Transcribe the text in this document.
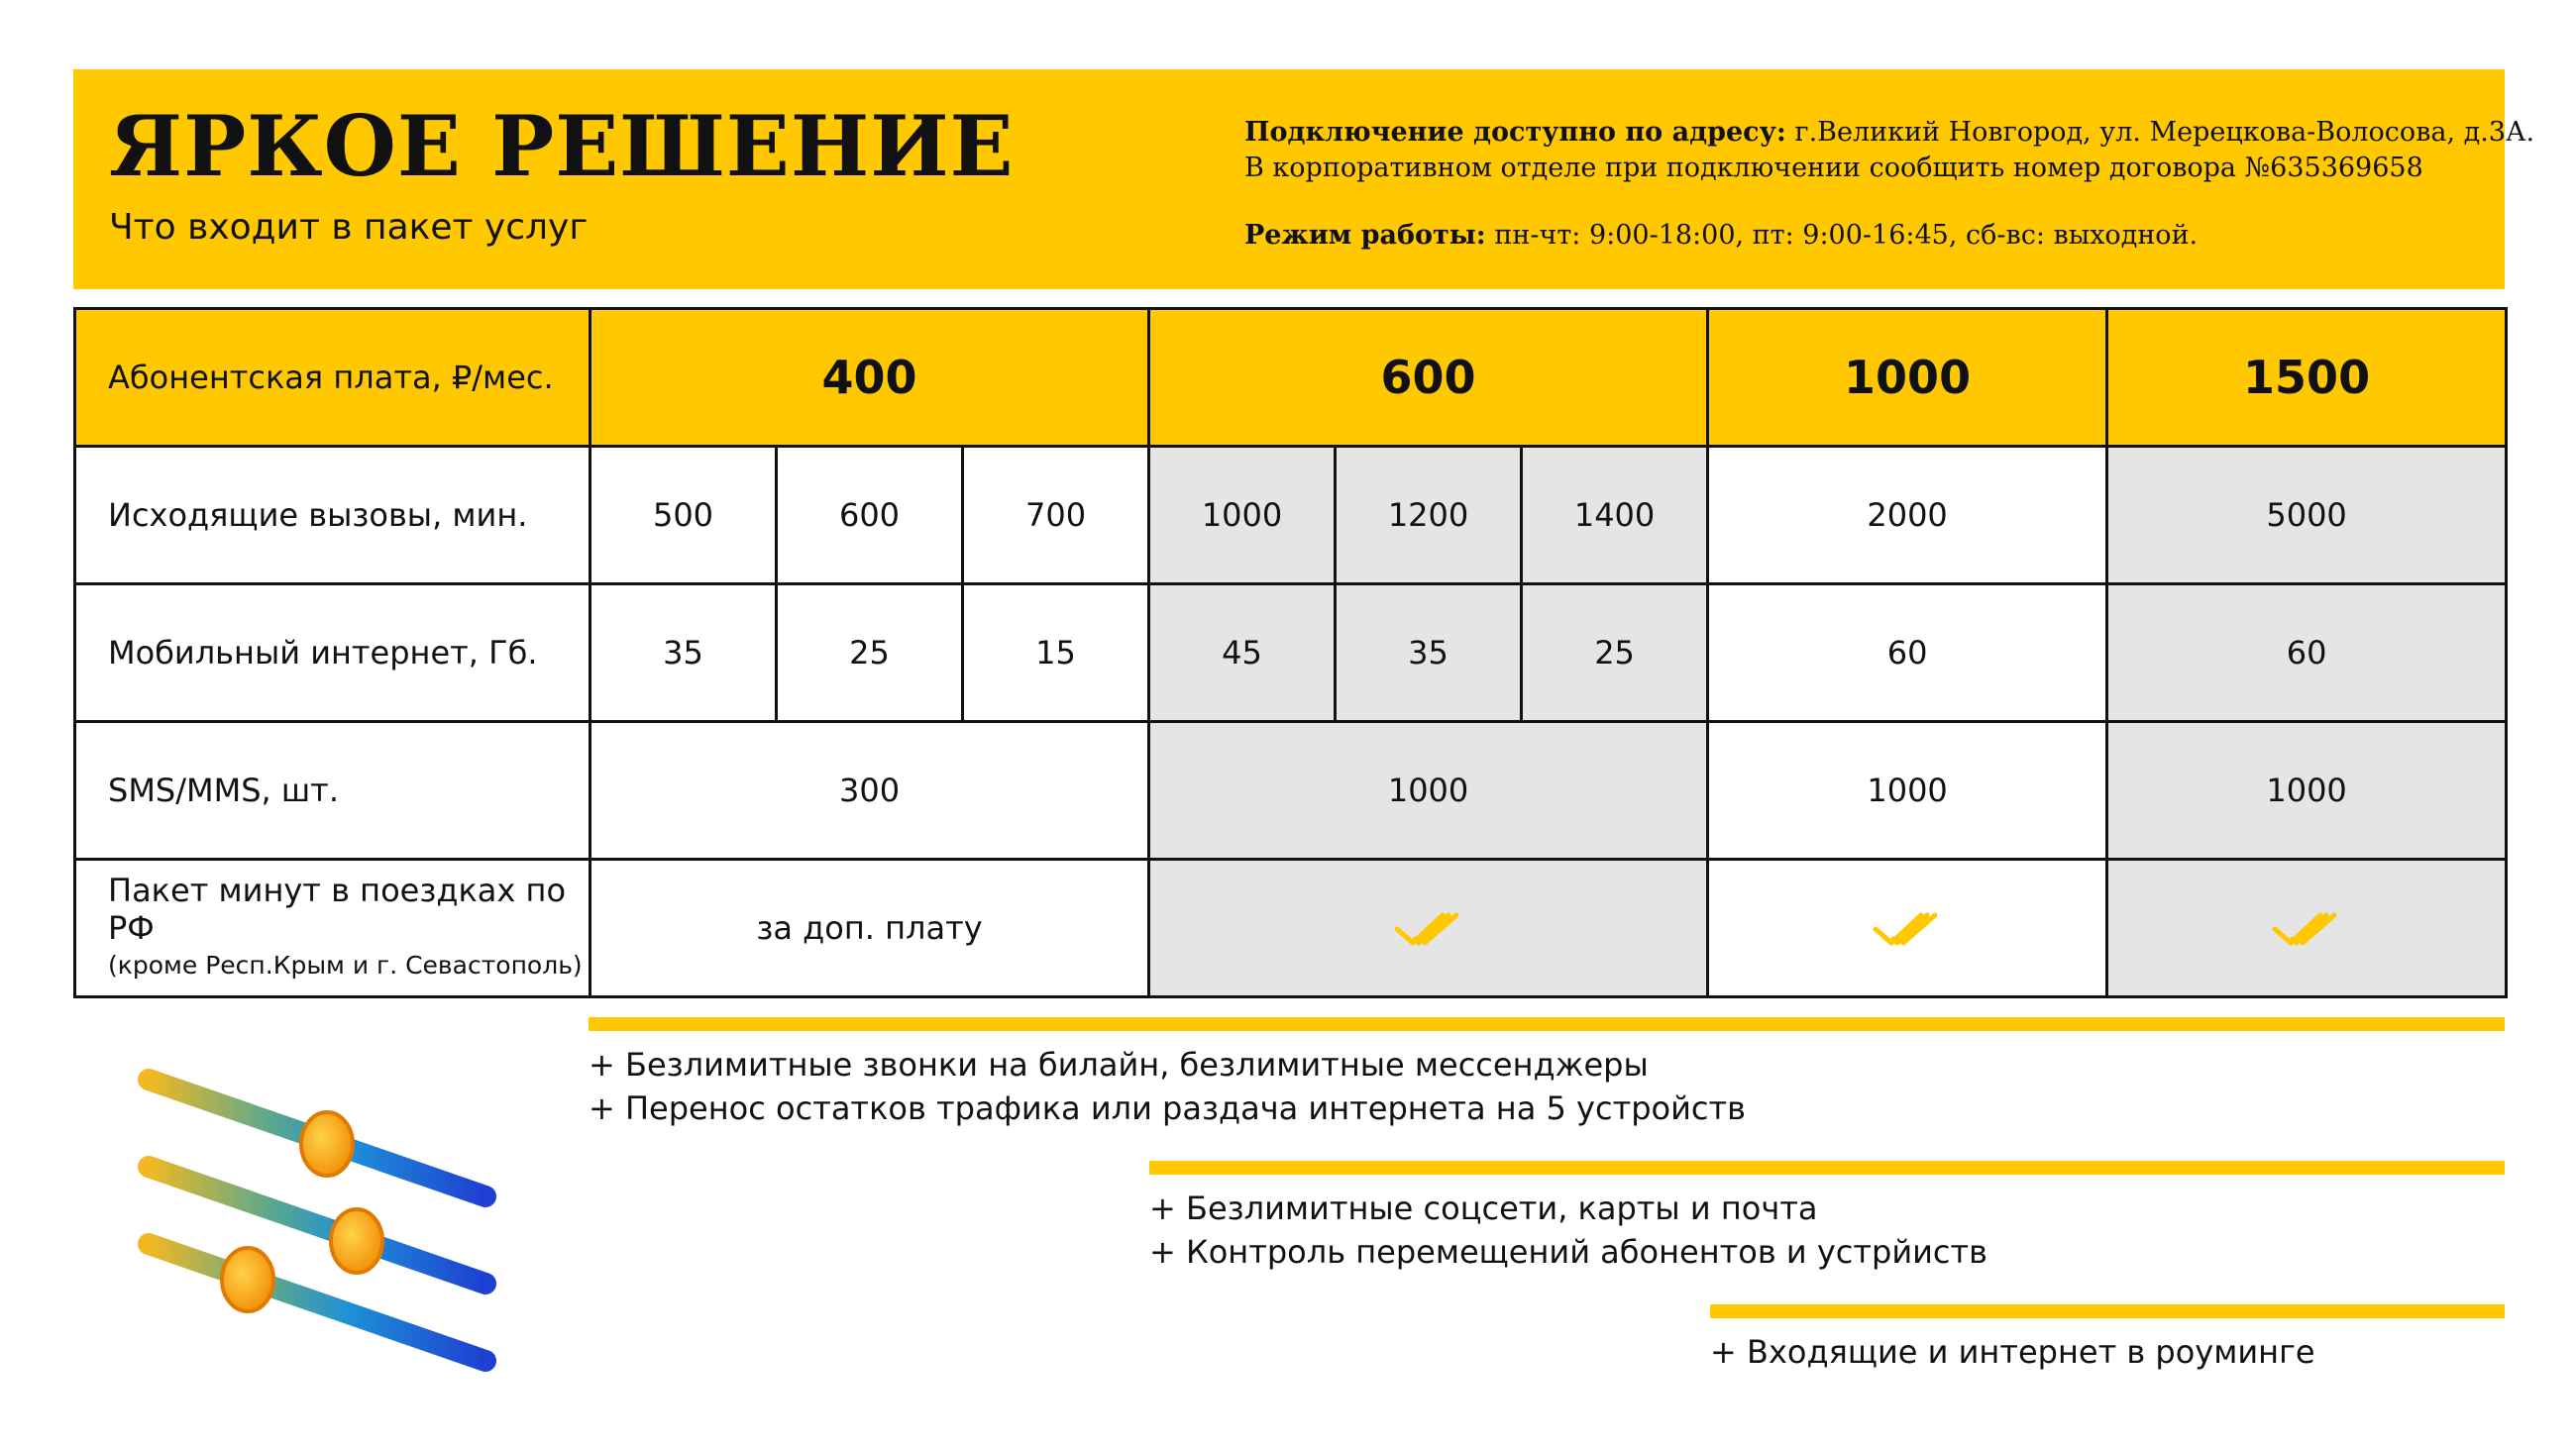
ЯРКОЕ РЕШЕНИЕ
Что входит в пакет услуг

Подключение доступно по адресу: г.Великий Новгород, ул. Мерецкова-Волосова, д.3А.

В корпоративном отделе при подключении сообщить номер договора №635369658

Режим работы: пн-чт: 9:00-18:00, пт: 9:00-16:45, сб-вс: выходной.

Абонентская плата, ₽/мес.	400			600			1000	1500
Исходящие вызовы, мин.	500	600	700	1000	1200	1400	2000	5000
Мобильный интернет, Гб.	35	25	15	45	35	25	60	60
SMS/MMS, шт.	300			1000			1000	1000

Пакет минут в поездках по РФ
(кроме Респ.Крым и г. Севастополь)	за доп. плату			
+ Безлимитные звонки на билайн, безлимитные мессенджеры
+ Перенос остатков трафика или раздача интернета на 5 устройств
+ Безлимитные соцсети, карты и почта
+ Контроль перемещений абонентов и устрйиств
+ Входящие и интернет в роуминге
